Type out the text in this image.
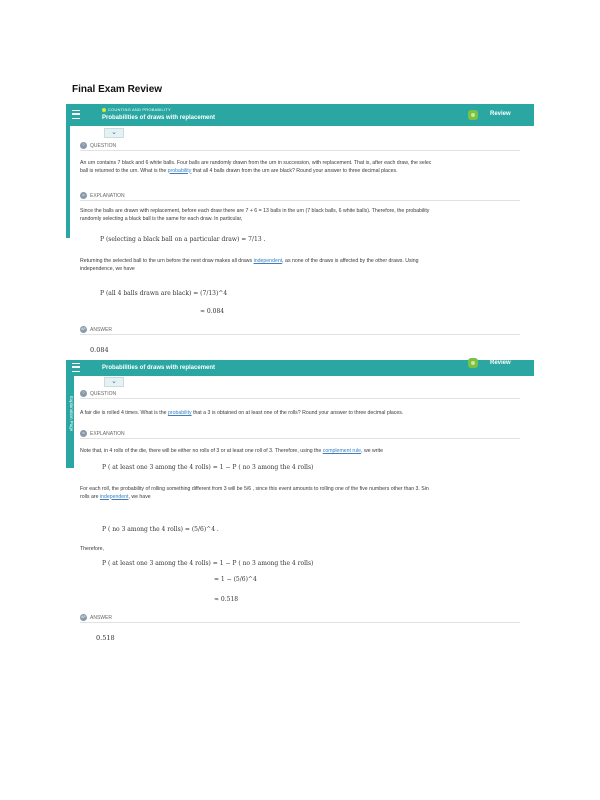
Final Exam Review
COUNTING AND PROBABILITY
Probabilities of draws with replacement
Review
⌄
? QUESTION
An urn contains 7 black and 6 white balls. Four balls are randomly drawn from the urn in succession, with replacement. That is, after each draw, the selec
ball is returned to the urn. What is the probability that all 4 balls drawn from the urn are black? Round your answer to three decimal places.
∞ EXPLANATION
Since the balls are drawn with replacement, before each draw there are 7 + 6 = 13 balls in the urn (7 black balls, 6 white balls). Therefore, the probability
randomly selecting a black ball is the same for each draw. In particular,
P (selecting a black ball on a particular draw) = 7/13 .
Returning the selected ball to the urn before the next draw makes all draws independent, as none of the draws is affected by the other draws. Using
independence, we have
P (all 4 balls drawn are black) = (7/13)^4
≈ 0.084
AP ANSWER
0.084
Probabilities of draws with replacement
Review
Explanation Page
⌄
? QUESTION
A fair die is rolled 4 times. What is the probability that a 3 is obtained on at least one of the rolls? Round your answer to three decimal places.
∞ EXPLANATION
Note that, in 4 rolls of the die, there will be either no rolls of 3 or at least one roll of 3. Therefore, using the complement rule, we write
P ( at least one 3 among the 4 rolls) = 1 − P ( no 3 among the 4 rolls)
For each roll, the probability of rolling something different from 3 will be 5/6 , since this event amounts to rolling one of the five numbers other than 3. Sin
rolls are independent, we have
P ( no 3 among the 4 rolls) = (5/6)^4 .
Therefore,
P ( at least one 3 among the 4 rolls) = 1 − P ( no 3 among the 4 rolls)
= 1 − (5/6)^4
≈ 0.518
AP ANSWER
0.518
